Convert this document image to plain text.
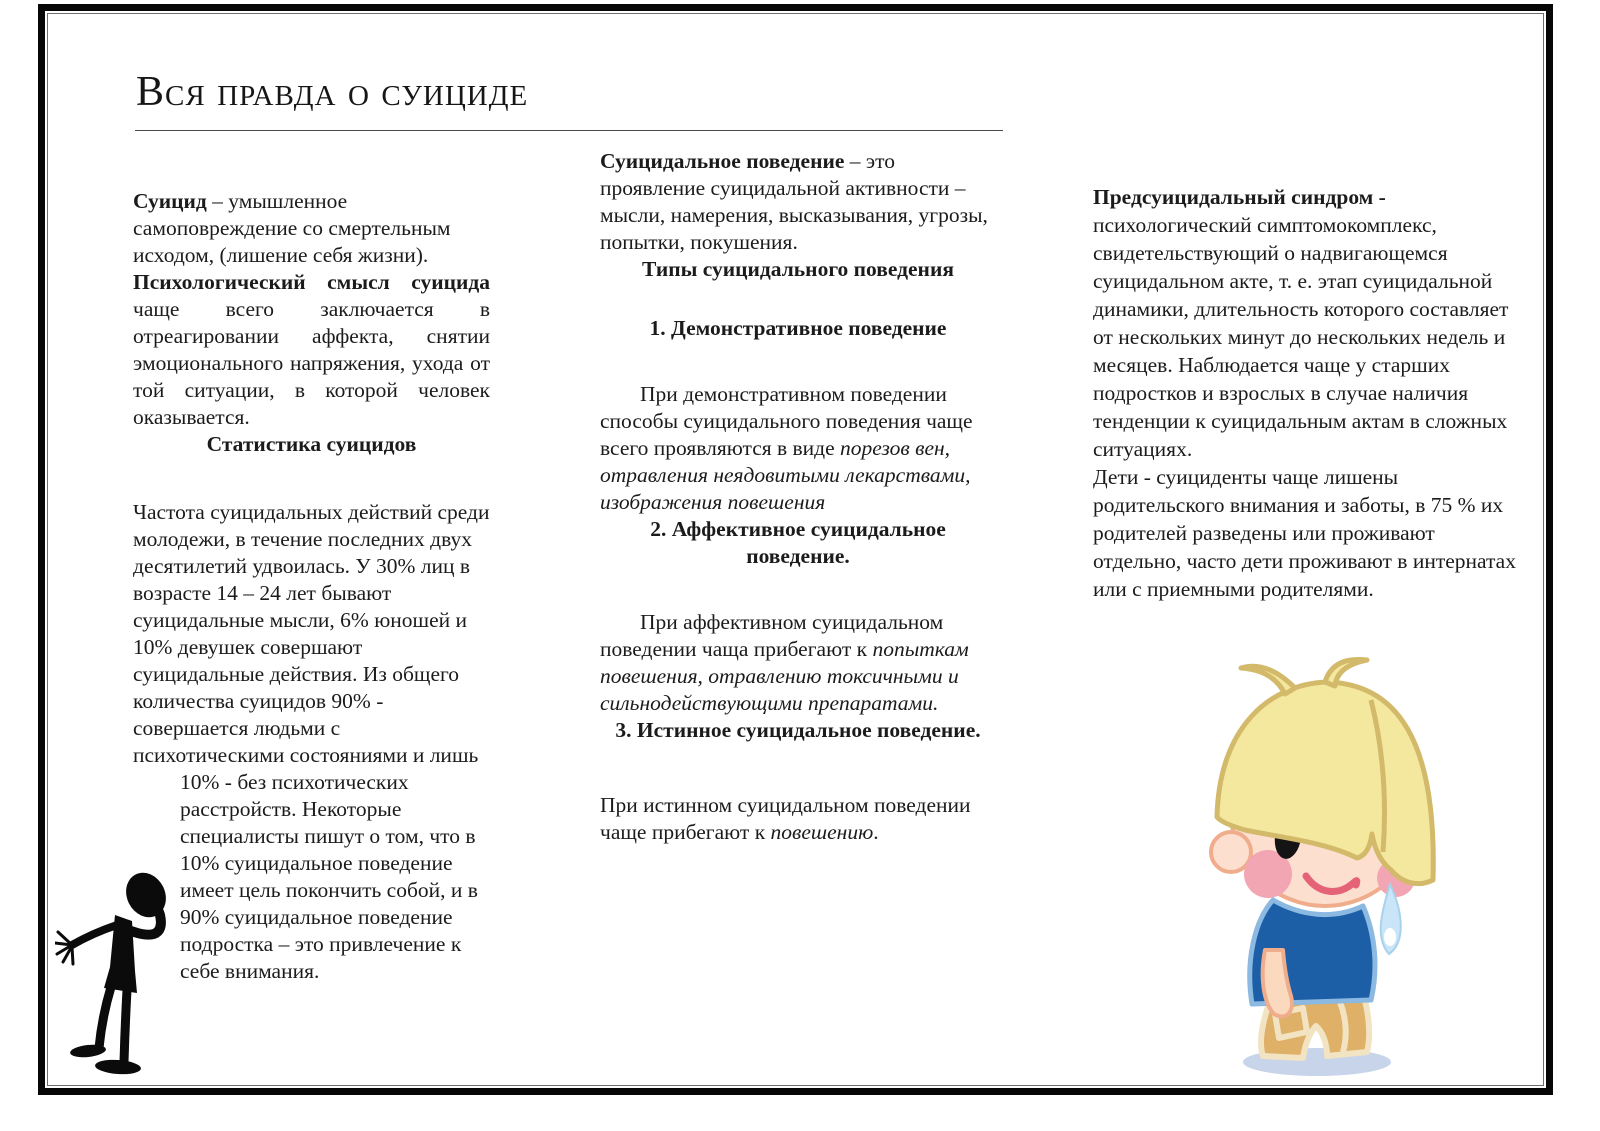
Вся правда о суициде

Суицид – умышленное самоповреждение со смертельным исходом, (лишение себя жизни).

Психологический смысл суицида чаще всего заключается в отреагировании аффекта, снятии эмоционального напряжения, ухода от той ситуации, в которой человек оказывается.

Статистика суицидов

Частота суицидальных действий среди молодежи, в течение последних двух десятилетий удвоилась. У 30% лиц в возрасте 14 – 24 лет бывают суицидальные мысли, 6% юношей и 10% девушек совершают суицидальные действия. Из общего количества суицидов 90% - совершается людьми с психотическими состояниями и лишь

10% - без психотических расстройств. Некоторые специалисты пишут о том, что в 10% суицидальное поведение имеет цель покончить собой, и в 90% суицидальное поведение подростка – это привлечение к себе внимания.

Суицидальное поведение – это проявление суицидальной активности – мысли, намерения, высказывания, угрозы, попытки, покушения.

Типы суицидального поведения
1. Демонстративное поведение

При демонстративном поведении способы суицидального поведения чаще всего проявляются в виде порезов вен, отравления неядовитыми лекарствами, изображения повешения

2. Аффективное суицидальное поведение.

При аффективном суицидальном поведении чаща прибегают к попыткам повешения, отравлению токсичными и сильнодействующими препаратами.

3. Истинное суицидальное поведение.

При истинном суицидальном поведении чаще прибегают к повешению.

Предсуицидальный синдром - психологический симптомокомплекс, свидетельствующий о надвигающемся суицидальном акте, т. е. этап суицидальной динамики, длительность которого составляет от нескольких минут до нескольких недель и месяцев. Наблюдается чаще у старших подростков и взрослых в случае наличия тенденции к суицидальным актам в сложных ситуациях.

Дети - суициденты чаще лишены родительского внимания и заботы, в 75 % их родителей разведены или проживают отдельно, часто дети проживают в интернатах или с приемными родителями.
